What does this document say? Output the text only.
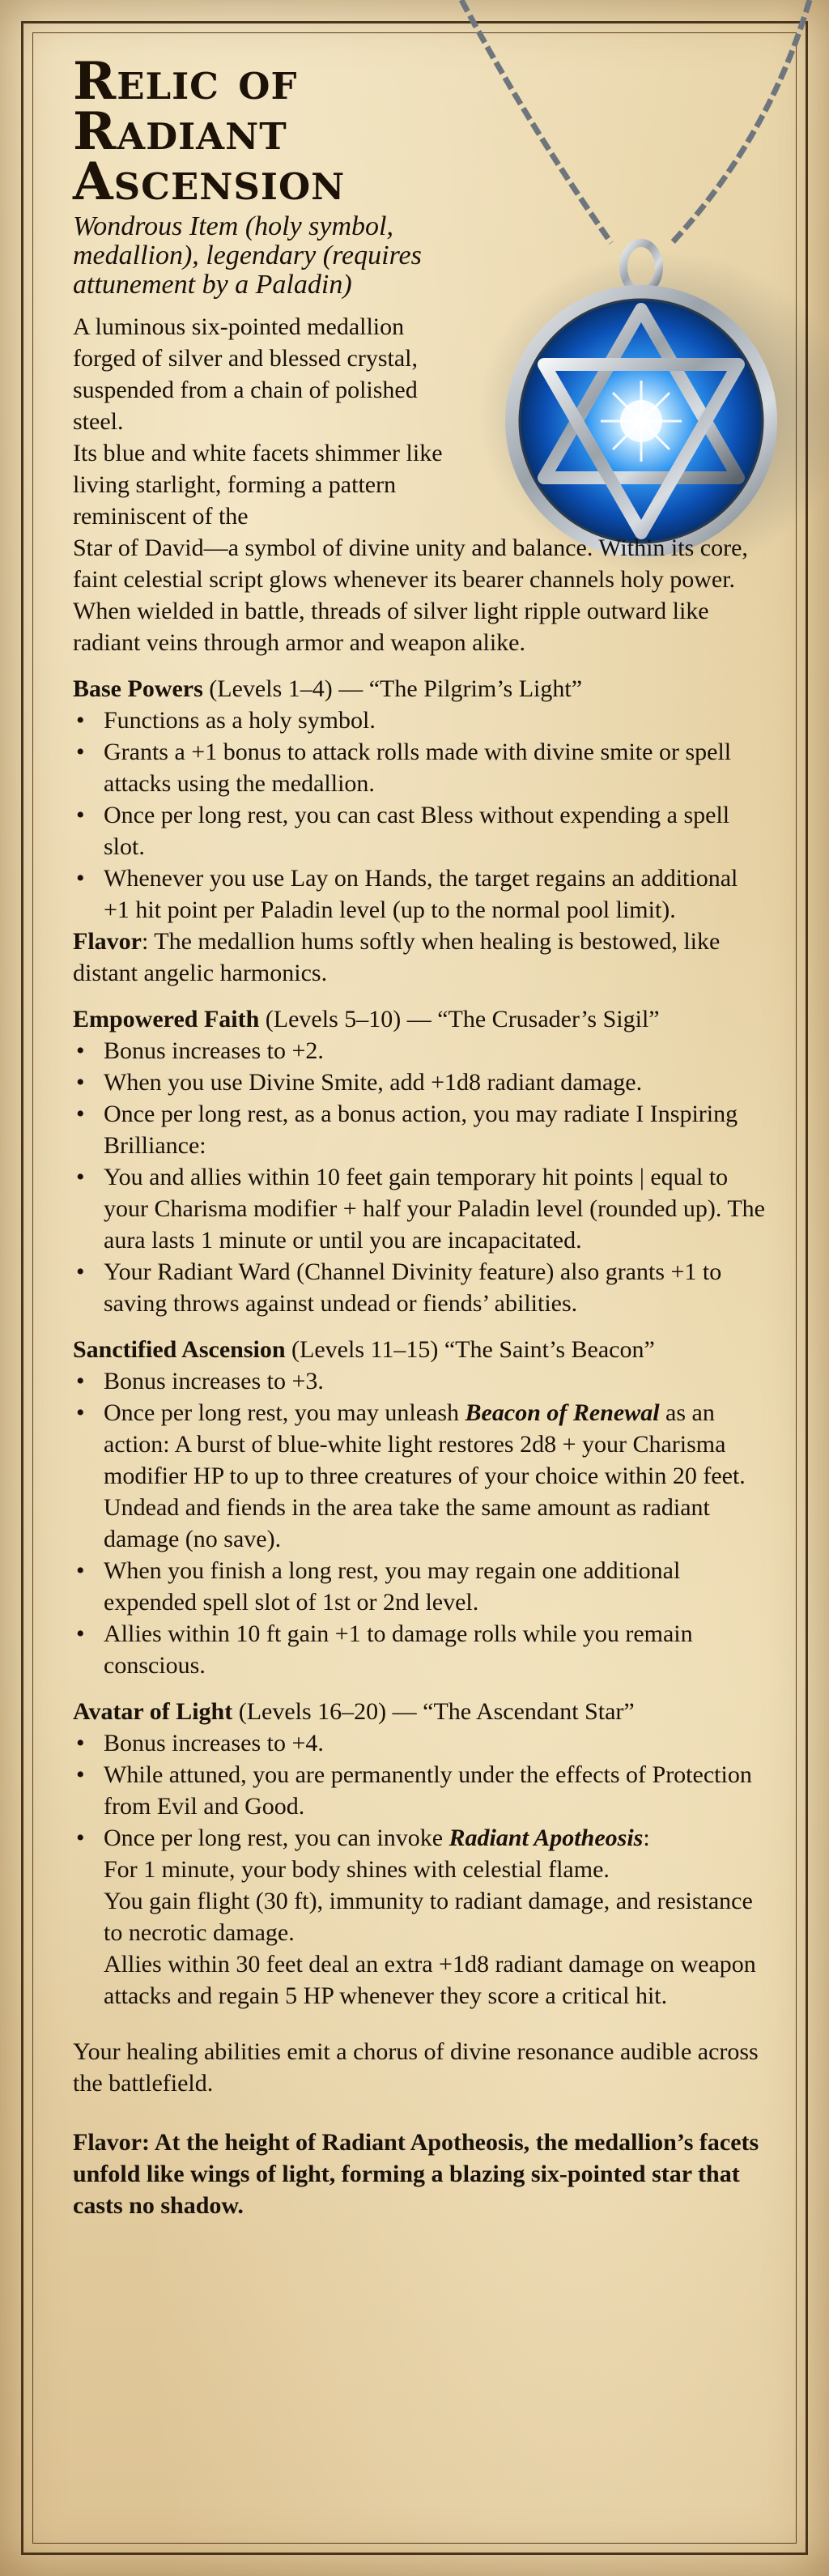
Relic of Radiant Ascension
Wondrous Item (holy symbol, medallion), legendary (requires attunement by a Paladin)

A luminous six-pointed medallion forged of silver and blessed crystal, suspended from a chain of polished steel.

Its blue and white facets shimmer like living starlight, forming a pattern reminiscent of the

Star of David—a symbol of divine unity and balance. Within its core, faint celestial script glows whenever its bearer channels holy power. When wielded in battle, threads of silver light ripple outward like radiant veins through armor and weapon alike.

Base Powers (Levels 1–4) — “The Pilgrim’s Light”

• Functions as a holy symbol.
• Grants a +1 bonus to attack rolls made with divine smite or spell attacks using the medallion.
• Once per long rest, you can cast Bless without expending a spell slot.
• Whenever you use Lay on Hands, the target regains an additional +1 hit point per Paladin level (up to the normal pool limit).

Flavor: The medallion hums softly when healing is bestowed, like distant angelic harmonics.

Empowered Faith (Levels 5–10) — “The Crusader’s Sigil”

• Bonus increases to +2.
• When you use Divine Smite, add +1d8 radiant damage.
• Once per long rest, as a bonus action, you may radiate I Inspiring Brilliance:
• You and allies within 10 feet gain temporary hit points | equal to your Charisma modifier + half your Paladin level (rounded up). The aura lasts 1 minute or until you are incapacitated.
• Your Radiant Ward (Channel Divinity feature) also grants +1 to saving throws against undead or fiends’ abilities.

Sanctified Ascension (Levels 11–15) “The Saint’s Beacon”

• Bonus increases to +3.
• Once per long rest, you may unleash Beacon of Renewal as an action: A burst of blue-white light restores 2d8 + your Charisma modifier HP to up to three creatures of your choice within 20 feet.
Undead and fiends in the area take the same amount as radiant damage (no save).
• When you finish a long rest, you may regain one additional expended spell slot of 1st or 2nd level.
• Allies within 10 ft gain +1 to damage rolls while you remain conscious.

Avatar of Light (Levels 16–20) — “The Ascendant Star”

• Bonus increases to +4.
• While attuned, you are permanently under the effects of Protection from Evil and Good.
• Once per long rest, you can invoke Radiant Apotheosis:
For 1 minute, your body shines with celestial flame.
You gain flight (30 ft), immunity to radiant damage, and resistance to necrotic damage.
Allies within 30 feet deal an extra +1d8 radiant damage on weapon attacks and regain 5 HP whenever they score a critical hit.

Your healing abilities emit a chorus of divine resonance audible across the battlefield.

Flavor: At the height of Radiant Apotheosis, the medallion’s facets unfold like wings of light, forming a blazing six-pointed star that casts no shadow.
